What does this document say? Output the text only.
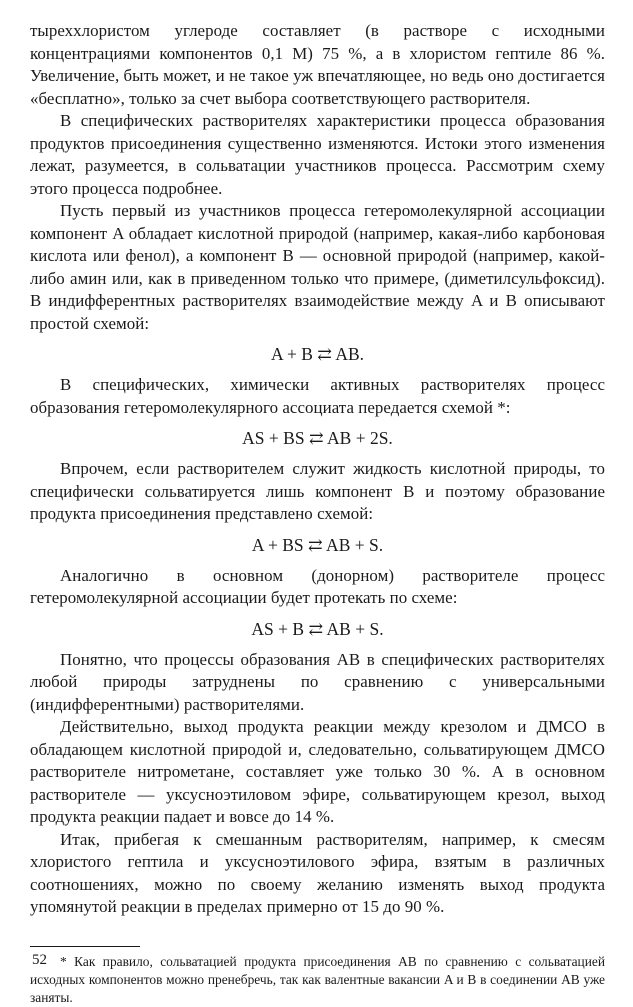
тыреххлористом углероде составляет (в растворе с исходными концентрациями компонентов 0,1 M) 75 %, а в хлористом гептиле 86 %. Увеличение, быть может, и не такое уж впечатляющее, но ведь оно достигается «бесплатно», только за счет выбора соответствующего растворителя.

В специфических растворителях характеристики процесса образования продуктов присоединения существенно изменяются. Истоки этого изменения лежат, разумеется, в сольватации участников процесса. Рассмотрим схему этого процесса подробнее.

Пусть первый из участников процесса гетеромолекулярной ассоциации компонент A обладает кислотной природой (например, какая-либо карбоновая кислота или фенол), а компонент B — основной природой (например, какой-либо амин или, как в приведенном только что примере, (диметилсульфоксид). В индифферентных растворителях взаимодействие между A и B описывают простой схемой:

A + B ⇄ AB.

В специфических, химически активных растворителях процесс образования гетеромолекулярного ассоциата передается схемой *:

AS + BS ⇄ AB + 2S.

Впрочем, если растворителем служит жидкость кислотной природы, то специфически сольватируется лишь компонент B и поэтому образование продукта присоединения представлено схемой:

A + BS ⇄ AB + S.

Аналогично в основном (донорном) растворителе процесс гетеромолекулярной ассоциации будет протекать по схеме:

AS + B ⇄ AB + S.

Понятно, что процессы образования AB в специфических растворителях любой природы затруднены по сравнению с универсальными (индифферентными) растворителями.

Действительно, выход продукта реакции между крезолом и ДМСО в обладающем кислотной природой и, следовательно, сольватирующем ДМСО растворителе нитрометане, составляет уже только 30 %. А в основном растворителе — уксусноэтиловом эфире, сольватирующем крезол, выход продукта реакции падает и вовсе до 14 %.

Итак, прибегая к смешанным растворителям, например, к смесям хлористого гептила и уксусноэтилового эфира, взятым в различных соотношениях, можно по своему желанию изменять выход продукта упомянутой реакции в пределах примерно от 15 до 90 %.

* Как правило, сольватацией продукта присоединения AB по сравнению с сольватацией исходных компонентов можно пренебречь, так как валентные вакансии A и B в соединении AB уже заняты.

52
